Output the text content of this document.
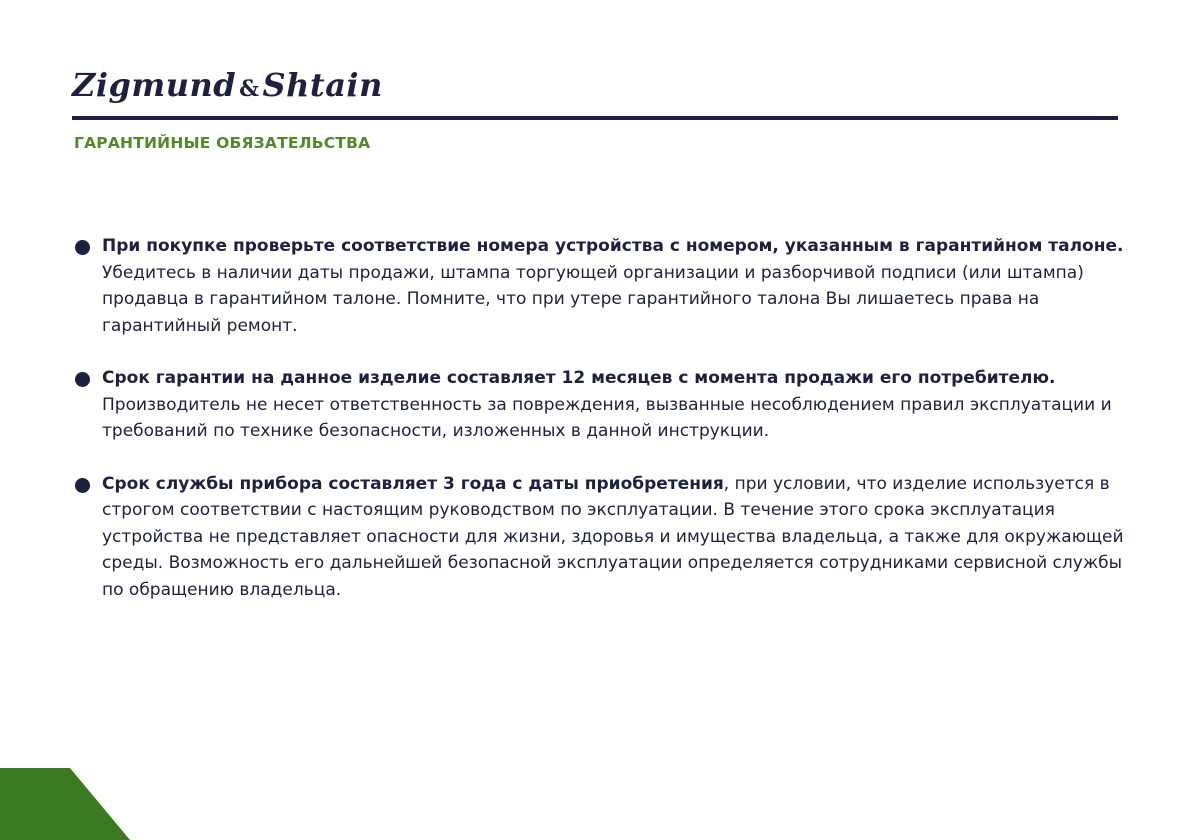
Zigmund &Shtain
ГАРАНТИЙНЫЕ ОБЯЗАТЕЛЬСТВА
При покупке проверьте соответствие номера устройства с номером, указанным в гарантийном талоне. Убедитесь в наличии даты продажи, штампа торгующей организации и разборчивой подписи (или штампа) продавца в гарантийном талоне. Помните, что при утере гарантийного талона Вы лишаетесь права на гарантийный ремонт.
Срок гарантии на данное изделие составляет 12 месяцев с момента продажи его потребителю. Производитель не несет ответственность за повреждения, вызванные несоблюдением правил эксплуатации и требований по технике безопасности, изложенных в данной инструкции.
Срок службы прибора составляет 3 года с даты приобретения, при условии, что изделие используется в строгом соответствии с настоящим руководством по эксплуатации. В течение этого срока эксплуатация устройства не представляет опасности для жизни, здоровья и имущества владельца, а также для окружающей среды. Возможность его дальнейшей безопасной эксплуатации определяется сотрудниками сервисной службы по обращению владельца.
